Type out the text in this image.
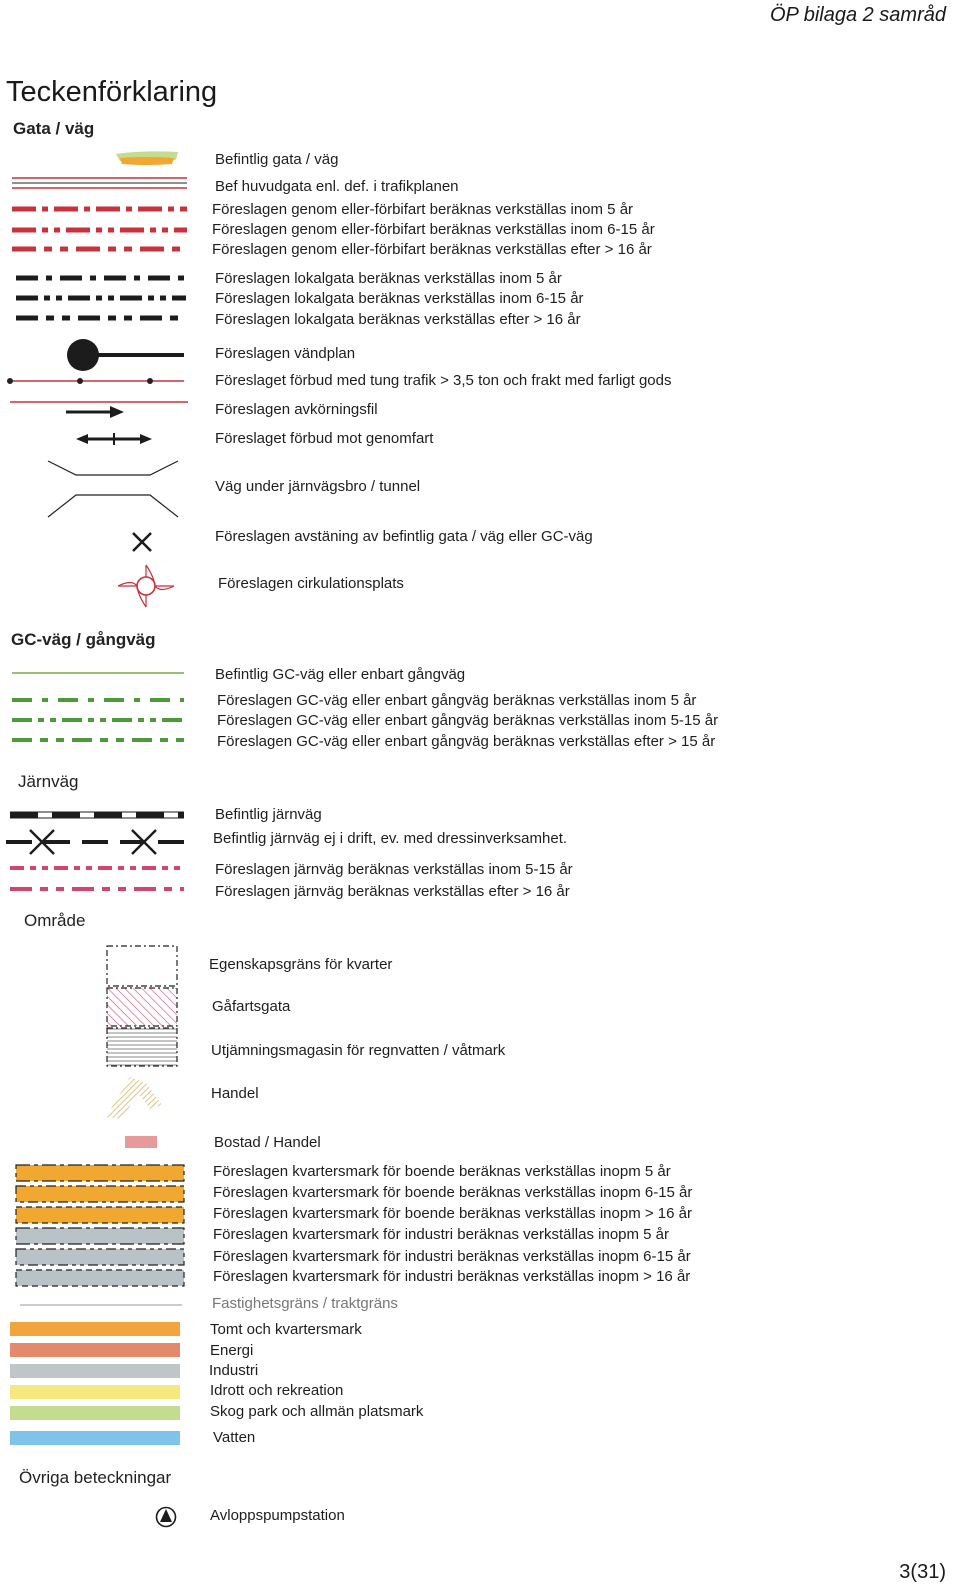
ÖP bilaga 2 samråd
Teckenförklaring
Gata / väg
Befintlig gata / väg
Bef huvudgata enl. def. i trafikplanen
Föreslagen genom eller-förbifart beräknas verkställas inom 5 år
Föreslagen genom eller-förbifart beräknas verkställas inom 6-15 år
Föreslagen genom eller-förbifart beräknas verkställas efter > 16 år
Föreslagen lokalgata beräknas verkställas inom 5 år
Föreslagen lokalgata beräknas verkställas inom 6-15 år
Föreslagen lokalgata beräknas verkställas efter > 16 år
Föreslagen vändplan
Föreslaget förbud med tung trafik > 3,5 ton och frakt med farligt gods
Föreslagen avkörningsfil
Föreslaget förbud mot genomfart
Väg under järnvägsbro / tunnel
Föreslagen avstäning av befintlig gata / väg eller GC-väg
Föreslagen cirkulationsplats
GC-väg / gångväg
Befintlig GC-väg eller enbart gångväg
Föreslagen GC-väg eller enbart gångväg beräknas verkställas inom 5 år
Föreslagen GC-väg eller enbart gångväg beräknas verkställas inom 5-15 år
Föreslagen GC-väg eller enbart gångväg beräknas verkställas efter > 15 år
Järnväg
Befintlig järnväg
Befintlig järnväg ej i drift, ev. med dressinverksamhet.
Föreslagen järnväg beräknas verkställas inom 5-15 år
Föreslagen järnväg beräknas verkställas efter > 16 år
Område
Egenskapsgräns för kvarter
Gåfartsgata
Utjämningsmagasin för regnvatten / våtmark
Handel
Bostad / Handel
Föreslagen kvartersmark för boende beräknas verkställas inopm 5 år
Föreslagen kvartersmark för boende beräknas verkställas inopm 6-15 år
Föreslagen kvartersmark för boende beräknas verkställas inopm > 16 år
Föreslagen kvartersmark för industri beräknas verkställas inopm 5 år
Föreslagen kvartersmark för industri beräknas verkställas inopm 6-15 år
Föreslagen kvartersmark för industri beräknas verkställas inopm > 16 år
Fastighetsgräns / traktgräns
Tomt och kvartersmark
Energi
Industri
Idrott och rekreation
Skog park och allmän platsmark
Vatten
Övriga beteckningar
Avloppspumpstation
3(31)
